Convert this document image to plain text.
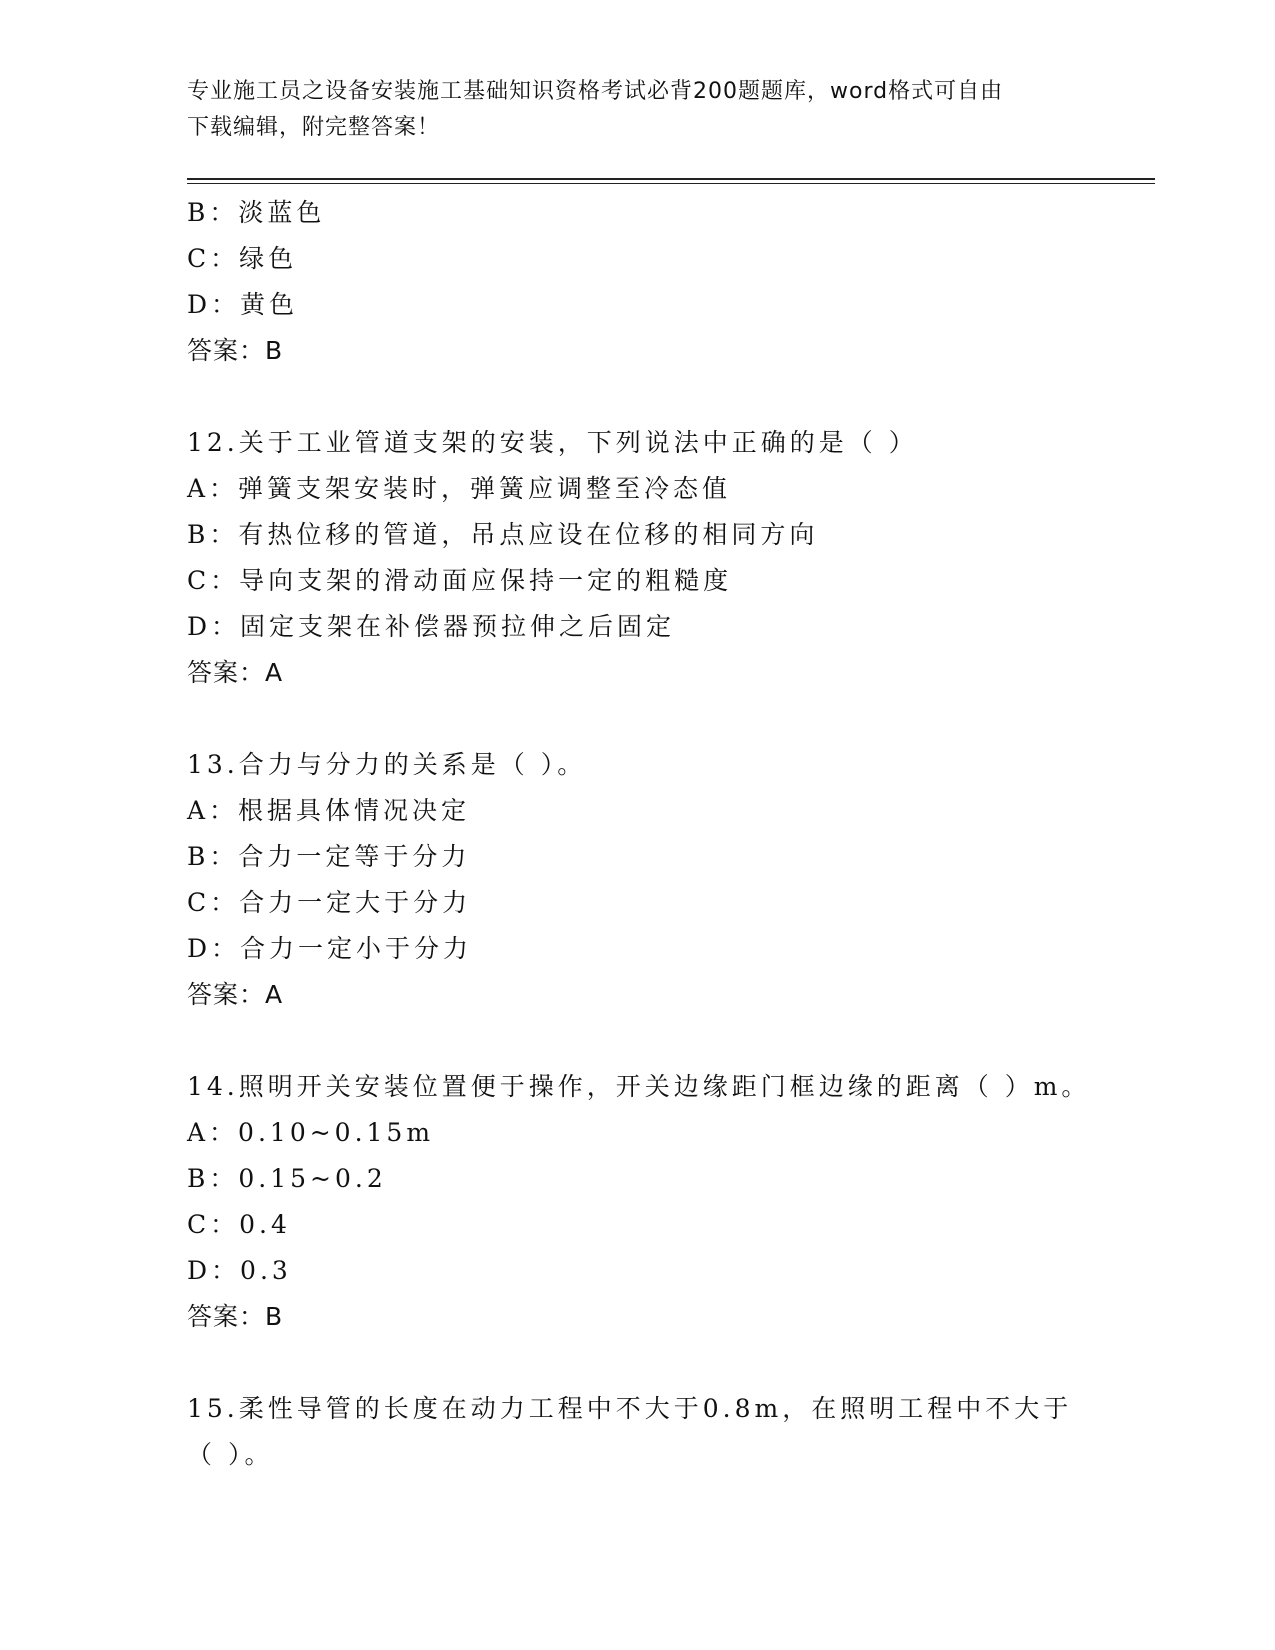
专业施工员之设备安装施工基础知识资格考试必背200题题库，word格式可自由
下载编辑，附完整答案！
B：淡蓝色
C：绿色
D：黄色
答案：B
12.关于工业管道支架的安装，下列说法中正确的是（ ）
A：弹簧支架安装时，弹簧应调整至冷态值
B：有热位移的管道，吊点应设在位移的相同方向
C：导向支架的滑动面应保持一定的粗糙度
D：固定支架在补偿器预拉伸之后固定
答案：A
13.合力与分力的关系是（ ）。
A：根据具体情况决定
B：合力一定等于分力
C：合力一定大于分力
D：合力一定小于分力
答案：A
14.照明开关安装位置便于操作，开关边缘距门框边缘的距离（ ）m。
A：0.10~0.15m
B：0.15~0.2
C：0.4
D：0.3
答案：B
15.柔性导管的长度在动力工程中不大于0.8m，在照明工程中不大于（ ）。
